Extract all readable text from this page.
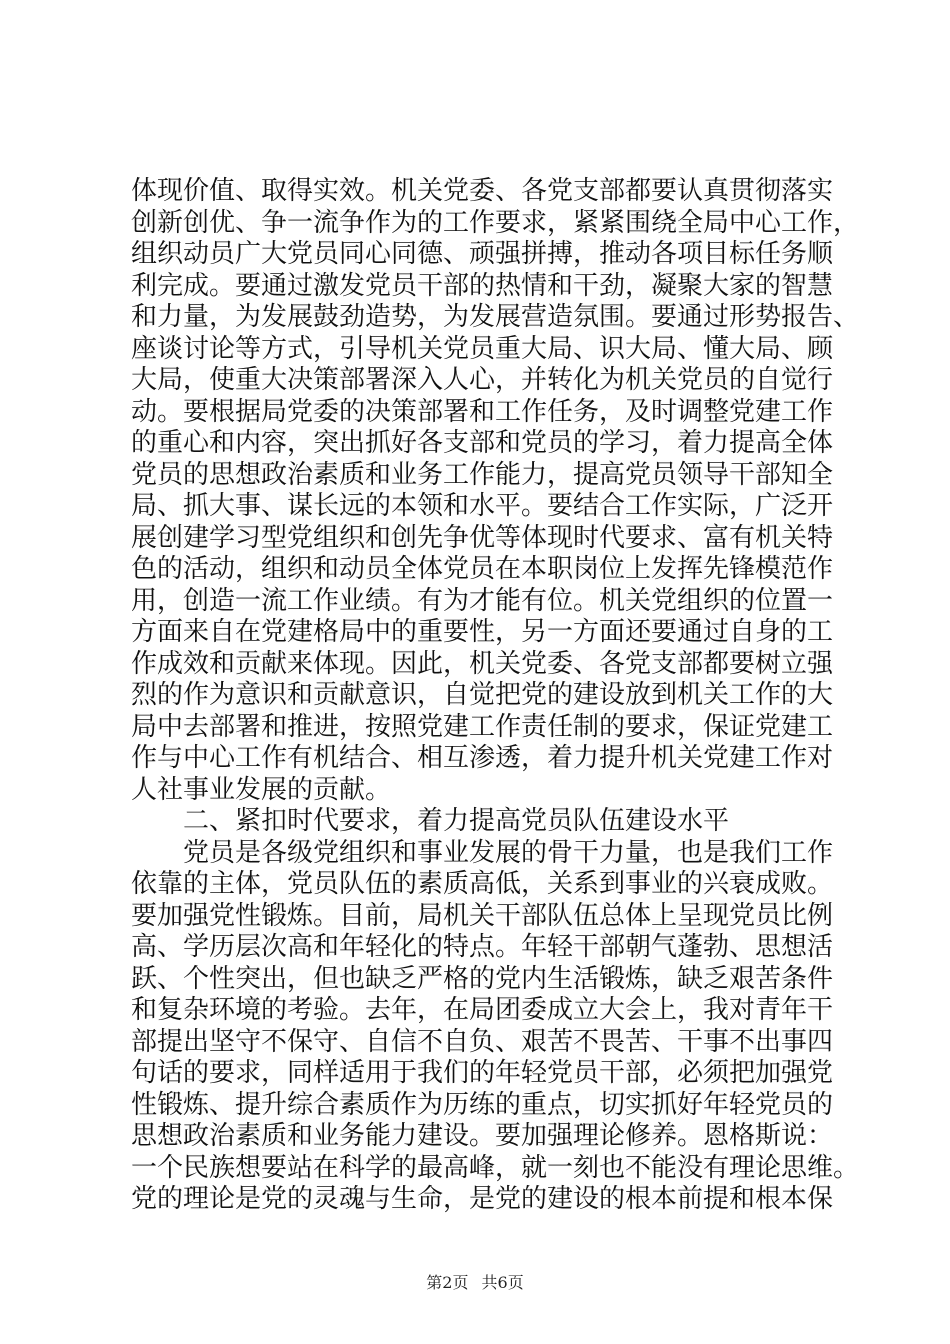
体现价值、取得实效。机关党委、各党支部都要认真贯彻落实
创新创优、争一流争作为的工作要求，紧紧围绕全局中心工作，
组织动员广大党员同心同德、顽强拼搏，推动各项目标任务顺
利完成。要通过激发党员干部的热情和干劲，凝聚大家的智慧
和力量，为发展鼓劲造势，为发展营造氛围。要通过形势报告、
座谈讨论等方式，引导机关党员重大局、识大局、懂大局、顾
大局，使重大决策部署深入人心，并转化为机关党员的自觉行
动。要根据局党委的决策部署和工作任务，及时调整党建工作
的重心和内容，突出抓好各支部和党员的学习，着力提高全体
党员的思想政治素质和业务工作能力，提高党员领导干部知全
局、抓大事、谋长远的本领和水平。要结合工作实际，广泛开
展创建学习型党组织和创先争优等体现时代要求、富有机关特
色的活动，组织和动员全体党员在本职岗位上发挥先锋模范作
用，创造一流工作业绩。有为才能有位。机关党组织的位置一
方面来自在党建格局中的重要性，另一方面还要通过自身的工
作成效和贡献来体现。因此，机关党委、各党支部都要树立强
烈的作为意识和贡献意识，自觉把党的建设放到机关工作的大
局中去部署和推进，按照党建工作责任制的要求，保证党建工
作与中心工作有机结合、相互渗透，着力提升机关党建工作对
人社事业发展的贡献。
二、紧扣时代要求，着力提高党员队伍建设水平
党员是各级党组织和事业发展的骨干力量，也是我们工作
依靠的主体，党员队伍的素质高低，关系到事业的兴衰成败。
要加强党性锻炼。目前，局机关干部队伍总体上呈现党员比例
高、学历层次高和年轻化的特点。年轻干部朝气蓬勃、思想活
跃、个性突出，但也缺乏严格的党内生活锻炼，缺乏艰苦条件
和复杂环境的考验。去年，在局团委成立大会上，我对青年干
部提出坚守不保守、自信不自负、艰苦不畏苦、干事不出事四
句话的要求，同样适用于我们的年轻党员干部，必须把加强党
性锻炼、提升综合素质作为历练的重点，切实抓好年轻党员的
思想政治素质和业务能力建设。要加强理论修养。恩格斯说：
一个民族想要站在科学的最高峰，就一刻也不能没有理论思维。
党的理论是党的灵魂与生命，是党的建设的根本前提和根本保
第2页 共6页
